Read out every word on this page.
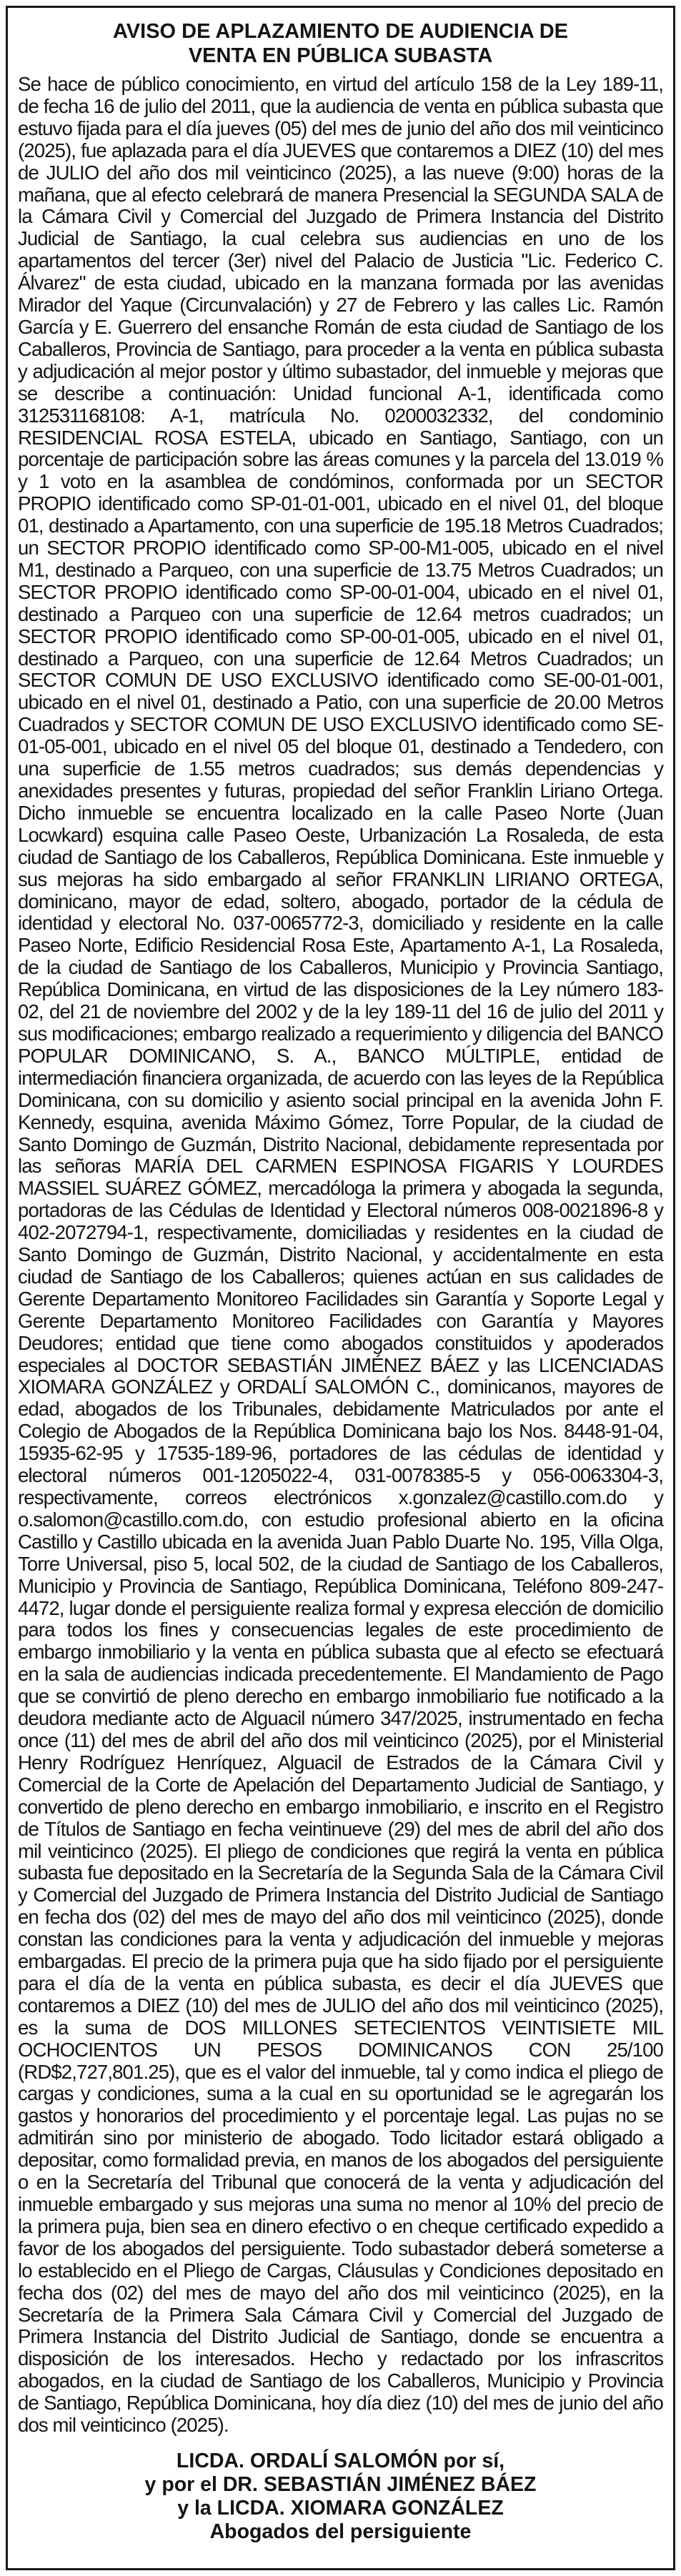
AVISO DE APLAZAMIENTO DE AUDIENCIA DE
VENTA EN PÚBLICA SUBASTA

Se hace de público conocimiento, en virtud del artículo 158 de la Ley 189-11, de fecha 16 de julio del 2011, que la audiencia de venta en pública subasta que estuvo fijada para el día jueves (05) del mes de junio del año dos mil veinticinco (2025), fue aplazada para el día JUEVES que contaremos a DIEZ (10) del mes de JULIO del año dos mil veinticinco (2025), a las nueve (9:00) horas de la mañana, que al efecto celebrará de manera Presencial la SEGUNDA SALA de la Cámara Civil y Comercial del Juzgado de Primera Instancia del Distrito Judicial de Santiago, la cual celebra sus audiencias en uno de los apartamentos del tercer (3er) nivel del Palacio de Justicia "Lic. Federico C. Álvarez" de esta ciudad, ubicado en la manzana formada por las avenidas Mirador del Yaque (Circunvalación) y 27 de Febrero y las calles Lic. Ramón García y E. Guerrero del ensanche Román de esta ciudad de Santiago de los Caballeros, Provincia de Santiago, para proceder a la venta en pública subasta y adjudicación al mejor postor y último subastador, del inmueble y mejoras que se describe a continuación: Unidad funcional A-1, identificada como 312531168108: A-1, matrícula No. 0200032332, del condominio RESIDENCIAL ROSA ESTELA, ubicado en Santiago, Santiago, con un porcentaje de participación sobre las áreas comunes y la parcela del 13.019 % y 1 voto en la asamblea de condóminos, conformada por un SECTOR PROPIO identificado como SP-01-01-001, ubicado en el nivel 01, del bloque 01, destinado a Apartamento, con una superficie de 195.18 Metros Cuadrados; un SECTOR PROPIO identificado como SP-00-M1-005, ubicado en el nivel M1, destinado a Parqueo, con una superficie de 13.75 Metros Cuadrados; un SECTOR PROPIO identificado como SP-00-01-004, ubicado en el nivel 01, destinado a Parqueo con una superficie de 12.64 metros cuadrados; un SECTOR PROPIO identificado como SP-00-01-005, ubicado en el nivel 01, destinado a Parqueo, con una superficie de 12.64 Metros Cuadrados; un SECTOR COMUN DE USO EXCLUSIVO identificado como SE-00-01-001, ubicado en el nivel 01, destinado a Patio, con una superficie de 20.00 Metros Cuadrados y SECTOR COMUN DE USO EXCLUSIVO identificado como SE-01-05-001, ubicado en el nivel 05 del bloque 01, destinado a Tendedero, con una superficie de 1.55 metros cuadrados; sus demás dependencias y anexidades presentes y futuras, propiedad del señor Franklin Liriano Ortega. Dicho inmueble se encuentra localizado en la calle Paseo Norte (Juan Locwkard) esquina calle Paseo Oeste, Urbanización La Rosaleda, de esta ciudad de Santiago de los Caballeros, República Dominicana. Este inmueble y sus mejoras ha sido embargado al señor FRANKLIN LIRIANO ORTEGA, dominicano, mayor de edad, soltero, abogado, portador de la cédula de identidad y electoral No. 037-0065772-3, domiciliado y residente en la calle Paseo Norte, Edificio Residencial Rosa Este, Apartamento A-1, La Rosaleda, de la ciudad de Santiago de los Caballeros, Municipio y Provincia Santiago, República Dominicana, en virtud de las disposiciones de la Ley número 183-02, del 21 de noviembre del 2002 y de la ley 189-11 del 16 de julio del 2011 y sus modificaciones; embargo realizado a requerimiento y diligencia del BANCO POPULAR DOMINICANO, S. A., BANCO MÚLTIPLE, entidad de intermediación financiera organizada, de acuerdo con las leyes de la República Dominicana, con su domicilio y asiento social principal en la avenida John F. Kennedy, esquina, avenida Máximo Gómez, Torre Popular, de la ciudad de Santo Domingo de Guzmán, Distrito Nacional, debidamente representada por las señoras MARÍA DEL CARMEN ESPINOSA FIGARIS Y LOURDES MASSIEL SUÁREZ GÓMEZ, mercadóloga la primera y abogada la segunda, portadoras de las Cédulas de Identidad y Electoral números 008-0021896-8 y 402-2072794-1, respectivamente, domiciliadas y residentes en la ciudad de Santo Domingo de Guzmán, Distrito Nacional, y accidentalmente en esta ciudad de Santiago de los Caballeros; quienes actúan en sus calidades de Gerente Departamento Monitoreo Facilidades sin Garantía y Soporte Legal y Gerente Departamento Monitoreo Facilidades con Garantía y Mayores Deudores; entidad que tiene como abogados constituidos y apoderados especiales al DOCTOR SEBASTIÁN JIMÉNEZ BÁEZ y las LICENCIADAS XIOMARA GONZÁLEZ y ORDALÍ SALOMÓN C., dominicanos, mayores de edad, abogados de los Tribunales, debidamente Matriculados por ante el Colegio de Abogados de la República Dominicana bajo los Nos. 8448-91-04, 15935-62-95 y 17535-189-96, portadores de las cédulas de identidad y electoral números 001-1205022-4, 031-0078385-5 y 056-0063304-3, respectivamente, correos electrónicos x.gonzalez@castillo.com.do y o.salomon@castillo.com.do, con estudio profesional abierto en la oficina Castillo y Castillo ubicada en la avenida Juan Pablo Duarte No. 195, Villa Olga, Torre Universal, piso 5, local 502, de la ciudad de Santiago de los Caballeros, Municipio y Provincia de Santiago, República Dominicana, Teléfono 809-247-4472, lugar donde el persiguiente realiza formal y expresa elección de domicilio para todos los fines y consecuencias legales de este procedimiento de embargo inmobiliario y la venta en pública subasta que al efecto se efectuará en la sala de audiencias indicada precedentemente. El Mandamiento de Pago que se convirtió de pleno derecho en embargo inmobiliario fue notificado a la deudora mediante acto de Alguacil número 347/2025, instrumentado en fecha once (11) del mes de abril del año dos mil veinticinco (2025), por el Ministerial Henry Rodríguez Henríquez, Alguacil de Estrados de la Cámara Civil y Comercial de la Corte de Apelación del Departamento Judicial de Santiago, y convertido de pleno derecho en embargo inmobiliario, e inscrito en el Registro de Títulos de Santiago en fecha veintinueve (29) del mes de abril del año dos mil veinticinco (2025). El pliego de condiciones que regirá la venta en pública subasta fue depositado en la Secretaría de la Segunda Sala de la Cámara Civil y Comercial del Juzgado de Primera Instancia del Distrito Judicial de Santiago en fecha dos (02) del mes de mayo del año dos mil veinticinco (2025), donde constan las condiciones para la venta y adjudicación del inmueble y mejoras embargadas. El precio de la primera puja que ha sido fijado por el persiguiente para el día de la venta en pública subasta, es decir el día JUEVES que contaremos a DIEZ (10) del mes de JULIO del año dos mil veinticinco (2025), es la suma de DOS MILLONES SETECIENTOS VEINTISIETE MIL OCHOCIENTOS UN PESOS DOMINICANOS CON 25/100 (RD$2,727,801.25), que es el valor del inmueble, tal y como indica el pliego de cargas y condiciones, suma a la cual en su oportunidad se le agregarán los gastos y honorarios del procedimiento y el porcentaje legal. Las pujas no se admitirán sino por ministerio de abogado. Todo licitador estará obligado a depositar, como formalidad previa, en manos de los abogados del persiguiente o en la Secretaría del Tribunal que conocerá de la venta y adjudicación del inmueble embargado y sus mejoras una suma no menor al 10% del precio de la primera puja, bien sea en dinero efectivo o en cheque certificado expedido a favor de los abogados del persiguiente. Todo subastador deberá someterse a lo establecido en el Pliego de Cargas, Cláusulas y Condiciones depositado en fecha dos (02) del mes de mayo del año dos mil veinticinco (2025), en la Secretaría de la Primera Sala Cámara Civil y Comercial del Juzgado de Primera Instancia del Distrito Judicial de Santiago, donde se encuentra a disposición de los interesados. Hecho y redactado por los infrascritos abogados, en la ciudad de Santiago de los Caballeros, Municipio y Provincia de Santiago, República Dominicana, hoy día diez (10) del mes de junio del año dos mil veinticinco (2025).

LICDA. ORDALÍ SALOMÓN por sí,
y por el DR. SEBASTIÁN JIMÉNEZ BÁEZ
y la LICDA. XIOMARA GONZÁLEZ
Abogados del persiguiente
